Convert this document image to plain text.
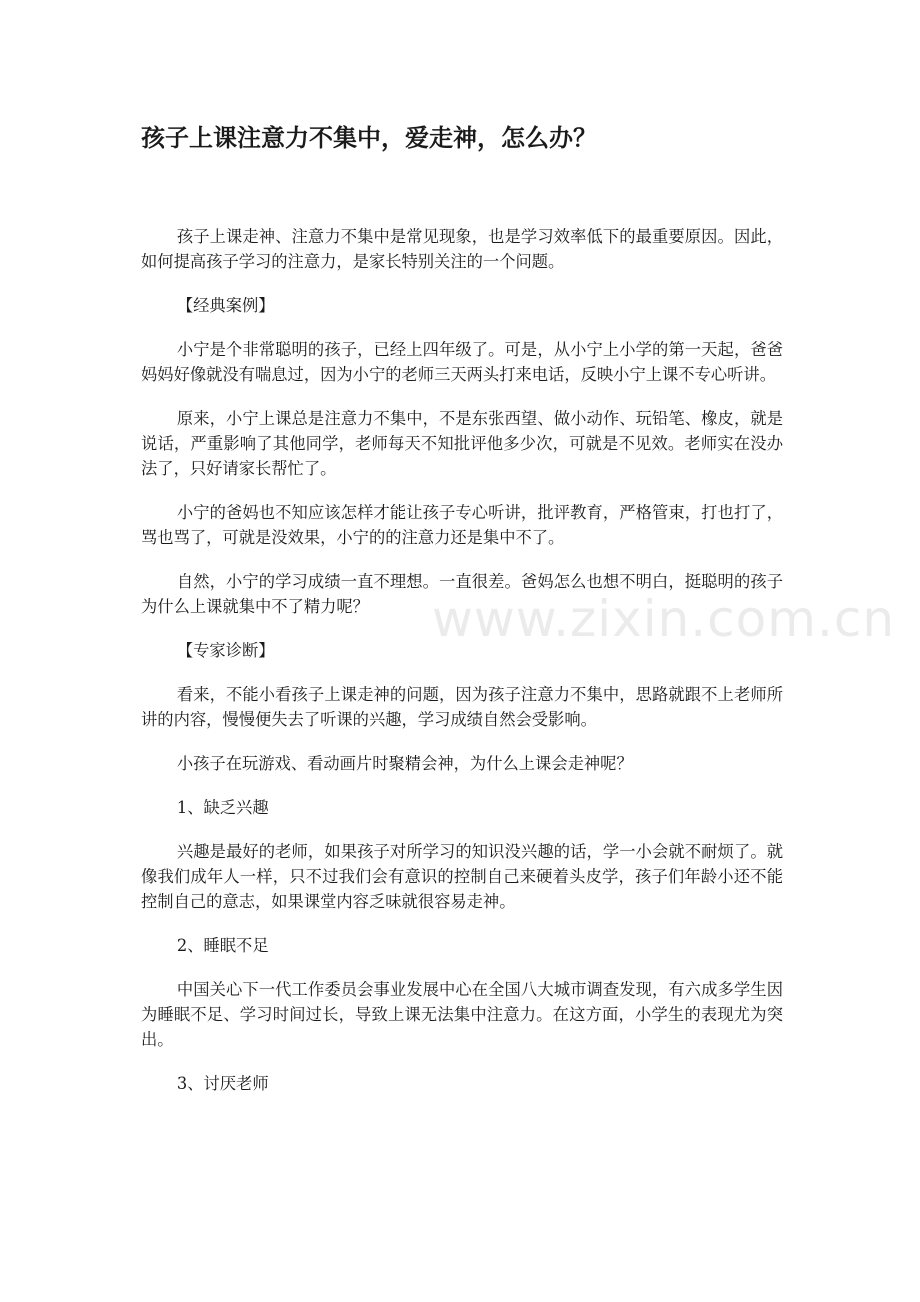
孩子上课注意力不集中，爱走神，怎么办？

孩子上课走神、注意力不集中是常见现象，也是学习效率低下的最重要原因。因此，如何提高孩子学习的注意力，是家长特别关注的一个问题。

【经典案例】

小宁是个非常聪明的孩子，已经上四年级了。可是，从小宁上小学的第一天起，爸爸妈妈好像就没有喘息过，因为小宁的老师三天两头打来电话，反映小宁上课不专心听讲。

原来，小宁上课总是注意力不集中，不是东张西望、做小动作、玩铅笔、橡皮，就是说话，严重影响了其他同学，老师每天不知批评他多少次，可就是不见效。老师实在没办法了，只好请家长帮忙了。

小宁的爸妈也不知应该怎样才能让孩子专心听讲，批评教育，严格管束，打也打了，骂也骂了，可就是没效果，小宁的的注意力还是集中不了。

自然，小宁的学习成绩一直不理想。一直很差。爸妈怎么也想不明白，挺聪明的孩子为什么上课就集中不了精力呢？

【专家诊断】

看来，不能小看孩子上课走神的问题，因为孩子注意力不集中，思路就跟不上老师所讲的内容，慢慢便失去了听课的兴趣，学习成绩自然会受影响。

小孩子在玩游戏、看动画片时聚精会神，为什么上课会走神呢？

1、缺乏兴趣

兴趣是最好的老师，如果孩子对所学习的知识没兴趣的话，学一小会就不耐烦了。就像我们成年人一样，只不过我们会有意识的控制自己来硬着头皮学，孩子们年龄小还不能控制自己的意志，如果课堂内容乏味就很容易走神。

2、睡眠不足

中国关心下一代工作委员会事业发展中心在全国八大城市调查发现，有六成多学生因为睡眠不足、学习时间过长，导致上课无法集中注意力。在这方面，小学生的表现尤为突出。

3、讨厌老师

www.zixin.com.cn
